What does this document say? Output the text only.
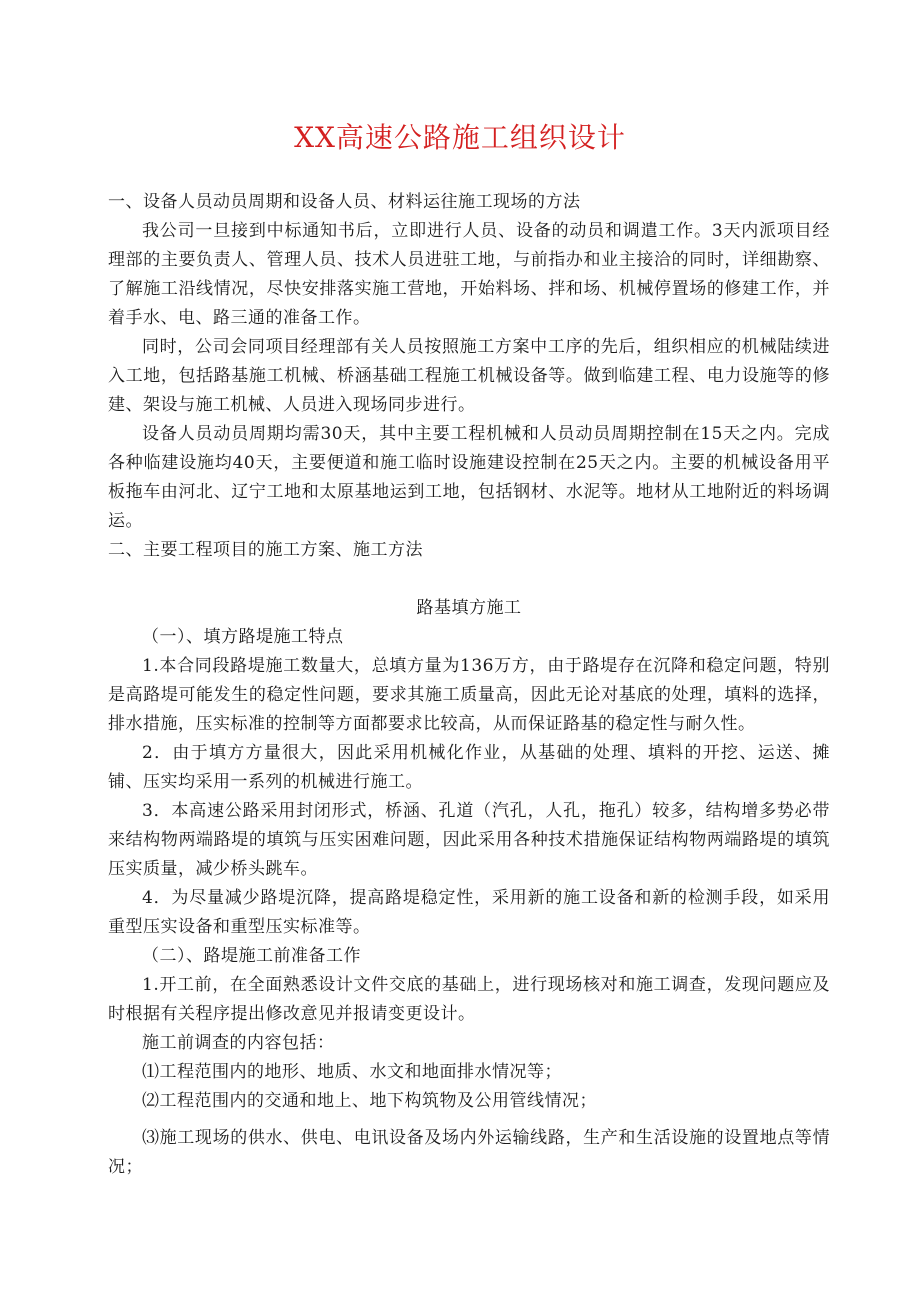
XX高速公路施工组织设计

一、设备人员动员周期和设备人员、材料运往施工现场的方法

我公司一旦接到中标通知书后，立即进行人员、设备的动员和调遣工作。3天内派项目经理部的主要负责人、管理人员、技术人员进驻工地，与前指办和业主接洽的同时，详细勘察、了解施工沿线情况，尽快安排落实施工营地，开始料场、拌和场、机械停置场的修建工作，并着手水、电、路三通的准备工作。

同时，公司会同项目经理部有关人员按照施工方案中工序的先后，组织相应的机械陆续进入工地，包括路基施工机械、桥涵基础工程施工机械设备等。做到临建工程、电力设施等的修建、架设与施工机械、人员进入现场同步进行。

设备人员动员周期均需30天，其中主要工程机械和人员动员周期控制在15天之内。完成各种临建设施均40天，主要便道和施工临时设施建设控制在25天之内。主要的机械设备用平板拖车由河北、辽宁工地和太原基地运到工地，包括钢材、水泥等。地材从工地附近的料场调运。

二、主要工程项目的施工方案、施工方法

路基填方施工

（一）、填方路堤施工特点

1.本合同段路堤施工数量大，总填方量为136万方，由于路堤存在沉降和稳定问题，特别是高路堤可能发生的稳定性问题，要求其施工质量高，因此无论对基底的处理，填料的选择，排水措施，压实标准的控制等方面都要求比较高，从而保证路基的稳定性与耐久性。

2．由于填方方量很大，因此采用机械化作业，从基础的处理、填料的开挖、运送、摊铺、压实均采用一系列的机械进行施工。

3．本高速公路采用封闭形式，桥涵、孔道（汽孔，人孔，拖孔）较多，结构增多势必带来结构物两端路堤的填筑与压实困难问题，因此采用各种技术措施保证结构物两端路堤的填筑压实质量，减少桥头跳车。

4．为尽量减少路堤沉降，提高路堤稳定性，采用新的施工设备和新的检测手段，如采用重型压实设备和重型压实标准等。

（二）、路堤施工前准备工作

1.开工前，在全面熟悉设计文件交底的基础上，进行现场核对和施工调查，发现问题应及时根据有关程序提出修改意见并报请变更设计。

施工前调查的内容包括：

⑴工程范围内的地形、地质、水文和地面排水情况等；

⑵工程范围内的交通和地上、地下构筑物及公用管线情况；

⑶施工现场的供水、供电、电讯设备及场内外运输线路，生产和生活设施的设置地点等情况；
